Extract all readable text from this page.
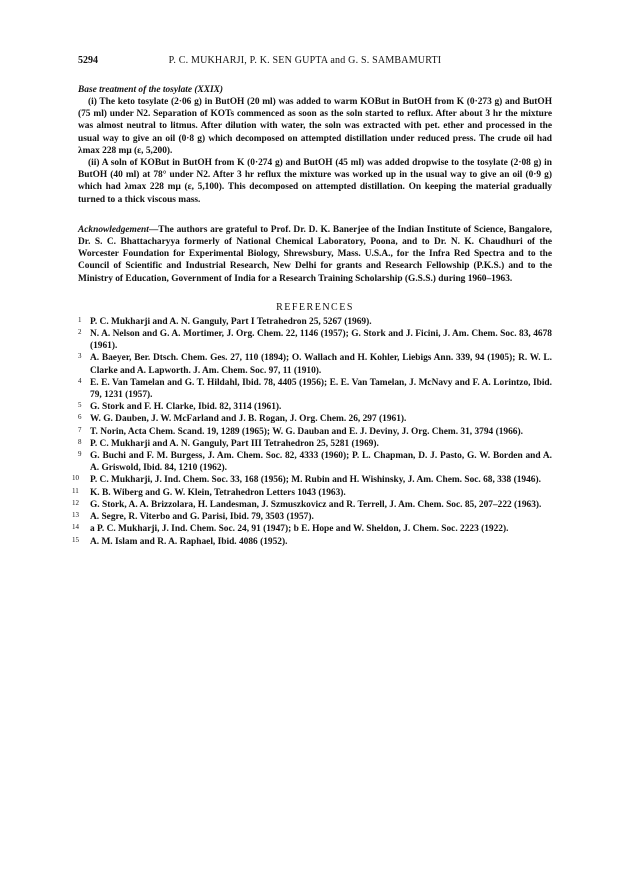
5294	P. C. MUKHARJI, P. K. SEN GUPTA and G. S. SAMBAMURTI
Base treatment of the tosylate (XXIX)

(i) The keto tosylate (2·06 g) in ButOH (20 ml) was added to warm KOBut in ButOH from K (0·273 g) and ButOH (75 ml) under N2. Separation of KOTs commenced as soon as the soln started to reflux. After about 3 hr the mixture was almost neutral to litmus. After dilution with water, the soln was extracted with pet. ether and processed in the usual way to give an oil (0·8 g) which decomposed on attempted distillation under reduced press. The crude oil had λmax 228 mμ (ε, 5,200).

(ii) A soln of KOBut in ButOH from K (0·274 g) and ButOH (45 ml) was added dropwise to the tosylate (2·08 g) in ButOH (40 ml) at 78° under N2. After 3 hr reflux the mixture was worked up in the usual way to give an oil (0·9 g) which had λmax 228 mμ (ε, 5,100). This decomposed on attempted distillation. On keeping the material gradually turned to a thick viscous mass.

Acknowledgement—The authors are grateful to Prof. Dr. D. K. Banerjee of the Indian Institute of Science, Bangalore, Dr. S. C. Bhattacharyya formerly of National Chemical Laboratory, Poona, and to Dr. N. K. Chaudhuri of the Worcester Foundation for Experimental Biology, Shrewsbury, Mass. U.S.A., for the Infra Red Spectra and to the Council of Scientific and Industrial Research, New Delhi for grants and Research Fellowship (P.K.S.) and to the Ministry of Education, Government of India for a Research Training Scholarship (G.S.S.) during 1960–1963.

REFERENCES
1 P. C. Mukharji and A. N. Ganguly, Part I Tetrahedron 25, 5267 (1969).
2 N. A. Nelson and G. A. Mortimer, J. Org. Chem. 22, 1146 (1957); G. Stork and J. Ficini, J. Am. Chem. Soc. 83, 4678 (1961).
3 A. Baeyer, Ber. Dtsch. Chem. Ges. 27, 110 (1894); O. Wallach and H. Kohler, Liebigs Ann. 339, 94 (1905); R. W. L. Clarke and A. Lapworth. J. Am. Chem. Soc. 97, 11 (1910).
4 E. E. Van Tamelan and G. T. Hildahl, Ibid. 78, 4405 (1956); E. E. Van Tamelan, J. McNavy and F. A. Lorintzo, Ibid. 79, 1231 (1957).
5 G. Stork and F. H. Clarke, Ibid. 82, 3114 (1961).
6 W. G. Dauben, J. W. McFarland and J. B. Rogan, J. Org. Chem. 26, 297 (1961).
7 T. Norin, Acta Chem. Scand. 19, 1289 (1965); W. G. Dauban and E. J. Deviny, J. Org. Chem. 31, 3794 (1966).
8 P. C. Mukharji and A. N. Ganguly, Part III Tetrahedron 25, 5281 (1969).
9 G. Buchi and F. M. Burgess, J. Am. Chem. Soc. 82, 4333 (1960); P. L. Chapman, D. J. Pasto, G. W. Borden and A. A. Griswold, Ibid. 84, 1210 (1962).
10 P. C. Mukharji, J. Ind. Chem. Soc. 33, 168 (1956); M. Rubin and H. Wishinsky, J. Am. Chem. Soc. 68, 338 (1946).
11 K. B. Wiberg and G. W. Klein, Tetrahedron Letters 1043 (1963).
12 G. Stork, A. A. Brizzolara, H. Landesman, J. Szmuszkovicz and R. Terrell, J. Am. Chem. Soc. 85, 207–222 (1963).
13 A. Segre, R. Viterbo and G. Parisi, Ibid. 79, 3503 (1957).
14 a P. C. Mukharji, J. Ind. Chem. Soc. 24, 91 (1947); b E. Hope and W. Sheldon, J. Chem. Soc. 2223 (1922).
15 A. M. Islam and R. A. Raphael, Ibid. 4086 (1952).
